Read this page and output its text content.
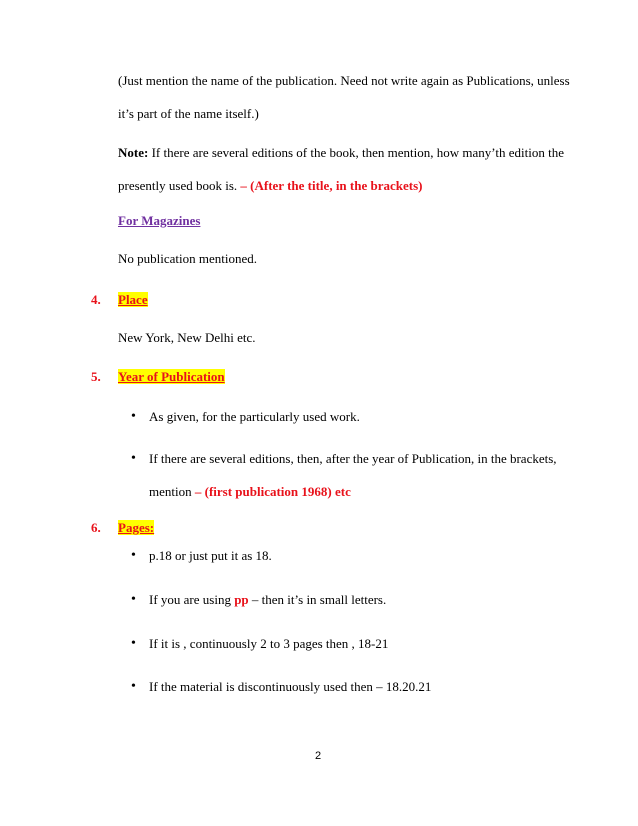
(Just mention the name of the publication. Need not write again as Publications, unless
it’s part of the name itself.)
Note: If there are several editions of the book, then mention, how many’th edition the
presently used book is. – (After the title, in the brackets)
For Magazines
No publication mentioned.
4. Place
New York, New Delhi etc.
5. Year of Publication
• As given, for the particularly used work.
• If there are several editions, then, after the year of Publication, in the brackets,
mention – (first publication 1968) etc
6. Pages:
• p.18 or just put it as 18.
• If you are using pp – then it’s in small letters.
• If it is , continuously 2 to 3 pages then , 18-21
• If the material is discontinuously used then – 18.20.21
2
